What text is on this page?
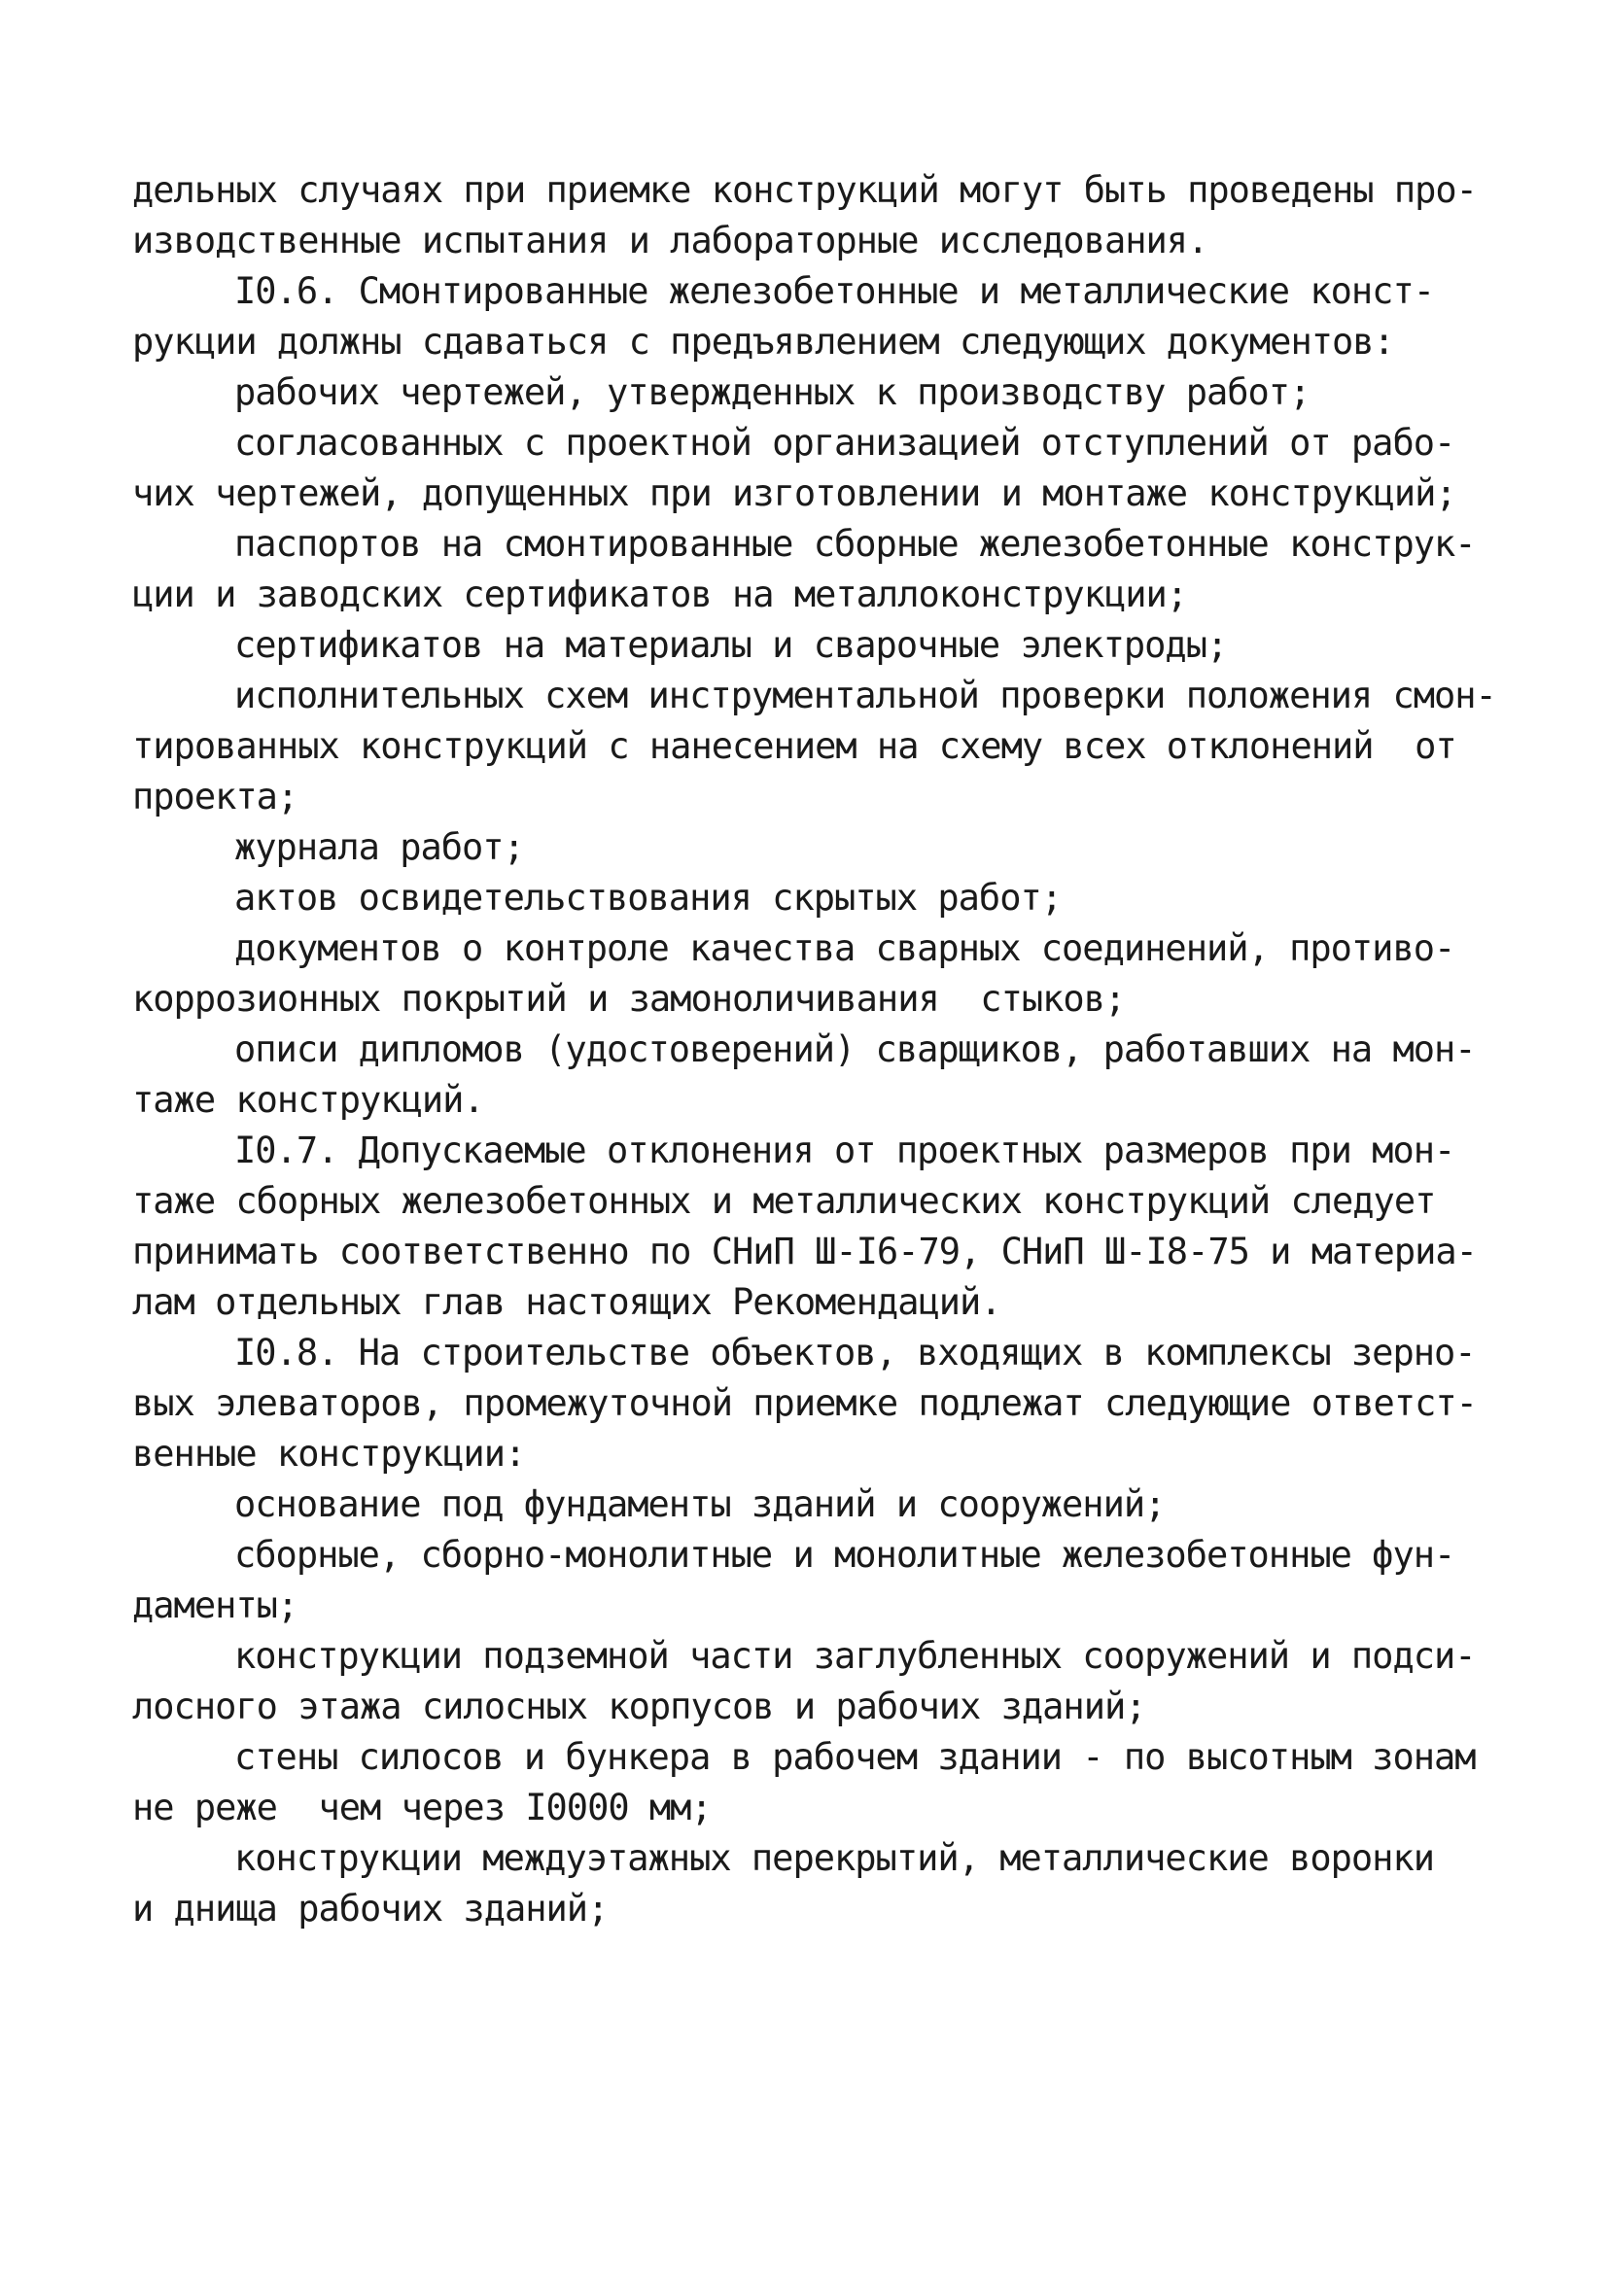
дельных случаях при приемке конструкций могут быть проведены про-
изводственные испытания и лабораторные исследования.
I0.6. Смонтированные железобетонные и металлические конст-
рукции должны сдаваться с предъявлением следующих документов:
рабочих чертежей, утвержденных к производству работ;
согласованных с проектной организацией отступлений от рабо-
чих чертежей, допущенных при изготовлении и монтаже конструкций;
паспортов на смонтированные сборные железобетонные конструк-
ции и заводских сертификатов на металлоконструкции;
сертификатов на материалы и сварочные электроды;
исполнительных схем инструментальной проверки положения смон-
тированных конструкций с нанесением на схему всех отклонений  от
проекта;
журнала работ;
актов освидетельствования скрытых работ;
документов о контроле качества сварных соединений, противо-
коррозионных покрытий и замоноличивания  стыков;
описи дипломов (удостоверений) сварщиков, работавших на мон-
таже конструкций.
I0.7. Допускаемые отклонения от проектных размеров при мон-
таже сборных железобетонных и металлических конструкций следует
принимать соответственно по СНиП Ш-I6-79, СНиП Ш-I8-75 и материа-
лам отдельных глав настоящих Рекомендаций.
I0.8. На строительстве объектов, входящих в комплексы зерно-
вых элеваторов, промежуточной приемке подлежат следующие ответст-
венные конструкции:
основание под фундаменты зданий и сооружений;
сборные, сборно-монолитные и монолитные железобетонные фун-
даменты;
конструкции подземной части заглубленных сооружений и подси-
лосного этажа силосных корпусов и рабочих зданий;
стены силосов и бункера в рабочем здании - по высотным зонам
не реже  чем через I0000 мм;
конструкции междуэтажных перекрытий, металлические воронки
и днища рабочих зданий;
